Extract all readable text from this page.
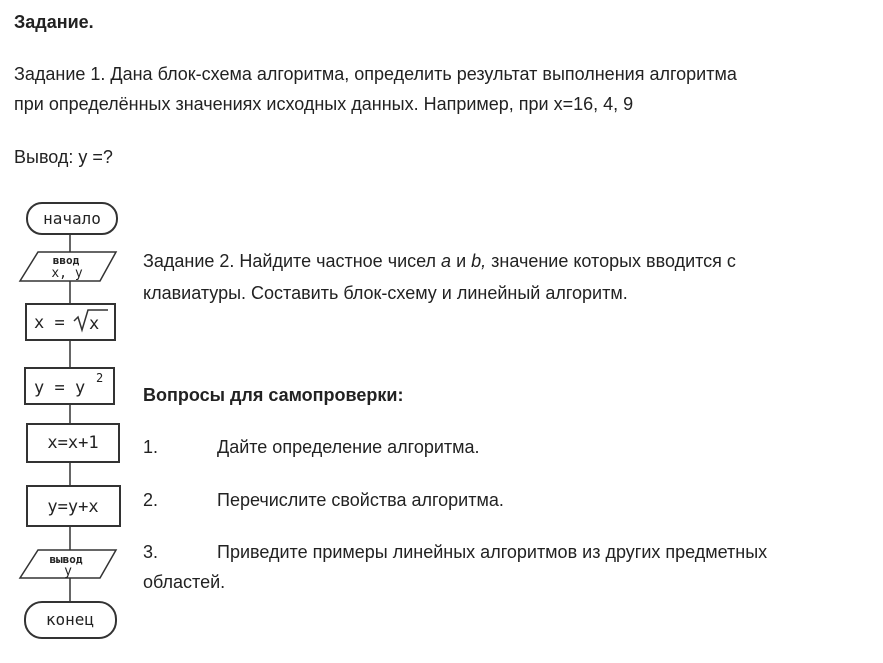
начало
ввод
x, y
x = x
y = y 2
x=x+1
y=y+x
вывод
y
конец

Задание.

Задание 1. Дана блок-схема алгоритма, определить результат выполнения алгоритма

при определённых значениях исходных данных. Например, при х=16, 4, 9

Вывод: у =?

Задание 2. Найдите частное чисел а и b, значение которых вводится с

клавиатуры. Составить блок-схему и линейный алгоритм.

Вопросы для самопроверки:

1.	Дайте определение алгоритма.
2.	Перечислите свойства алгоритма.
3.	Приведите примеры линейных алгоритмов из других предметных
областей.
